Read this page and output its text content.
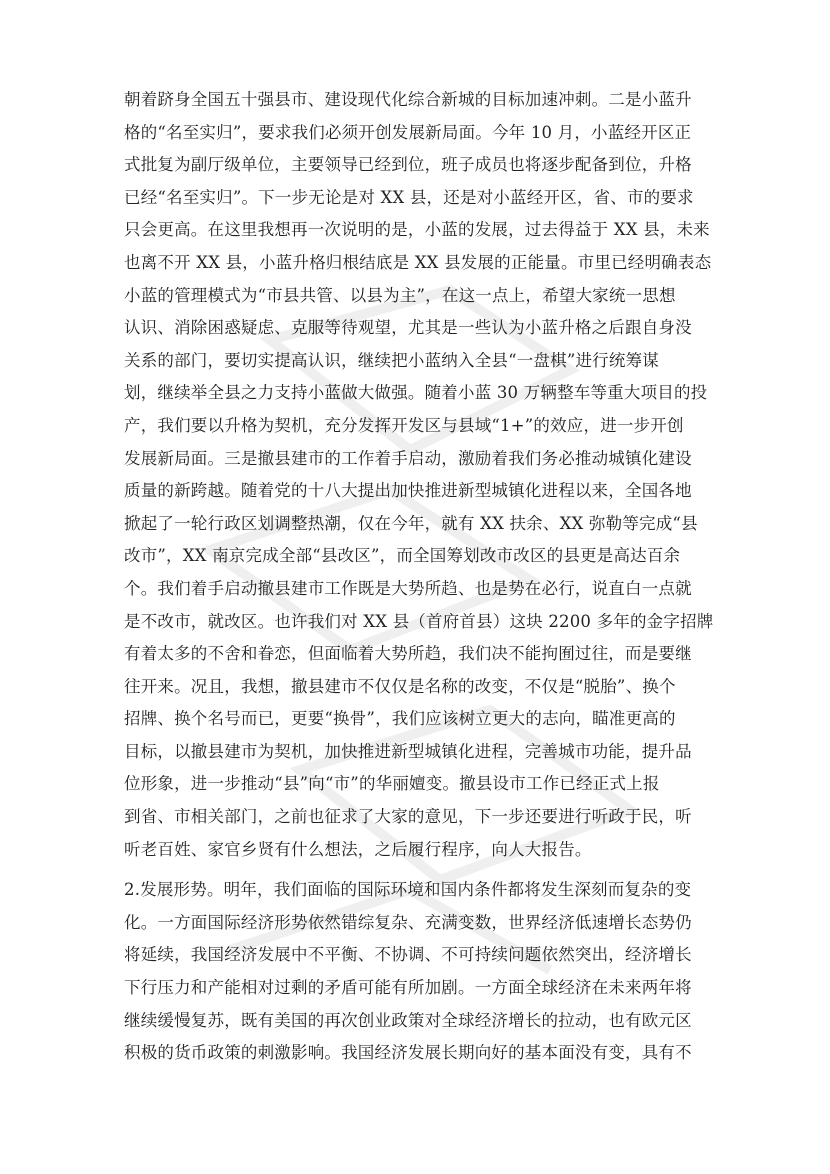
朝着跻身全国五十强县市、建设现代化综合新城的目标加速冲刺。二是小蓝升
格的“名至实归”，要求我们必须开创发展新局面。今年 10 月，小蓝经开区正
式批复为副厅级单位，主要领导已经到位，班子成员也将逐步配备到位，升格
已经“名至实归”。下一步无论是对 XX 县，还是对小蓝经开区，省、市的要求
只会更高。在这里我想再一次说明的是，小蓝的发展，过去得益于 XX 县，未来
也离不开 XX 县，小蓝升格归根结底是 XX 县发展的正能量。市里已经明确表态
小蓝的管理模式为“市县共管、以县为主”，在这一点上，希望大家统一思想
认识、消除困惑疑虑、克服等待观望，尤其是一些认为小蓝升格之后跟自身没
关系的部门，要切实提高认识，继续把小蓝纳入全县“一盘棋”进行统筹谋
划，继续举全县之力支持小蓝做大做强。随着小蓝 30 万辆整车等重大项目的投
产，我们要以升格为契机，充分发挥开发区与县域“1+”的效应，进一步开创
发展新局面。三是撤县建市的工作着手启动，激励着我们务必推动城镇化建设
质量的新跨越。随着党的十八大提出加快推进新型城镇化进程以来，全国各地
掀起了一轮行政区划调整热潮，仅在今年，就有 XX 扶余、XX 弥勒等完成“县
改市”，XX 南京完成全部“县改区”，而全国筹划改市改区的县更是高达百余
个。我们着手启动撤县建市工作既是大势所趋、也是势在必行，说直白一点就
是不改市，就改区。也许我们对 XX 县（首府首县）这块 2200 多年的金字招牌
有着太多的不舍和眷恋，但面临着大势所趋，我们决不能拘囿过往，而是要继
往开来。况且，我想，撤县建市不仅仅是名称的改变，不仅是“脱胎”、换个
招牌、换个名号而已，更要“换骨”，我们应该树立更大的志向，瞄准更高的
目标，以撤县建市为契机，加快推进新型城镇化进程，完善城市功能，提升品
位形象，进一步推动“县”向“市”的华丽嬗变。撤县设市工作已经正式上报
到省、市相关部门，之前也征求了大家的意见，下一步还要进行听政于民，听
听老百姓、家官乡贤有什么想法，之后履行程序，向人大报告。
2.发展形势。明年，我们面临的国际环境和国内条件都将发生深刻而复杂的变
化。一方面国际经济形势依然错综复杂、充满变数，世界经济低速增长态势仍
将延续，我国经济发展中不平衡、不协调、不可持续问题依然突出，经济增长
下行压力和产能相对过剩的矛盾可能有所加剧。一方面全球经济在未来两年将
继续缓慢复苏，既有美国的再次创业政策对全球经济增长的拉动，也有欧元区
积极的货币政策的刺激影响。我国经济发展长期向好的基本面没有变，具有不
